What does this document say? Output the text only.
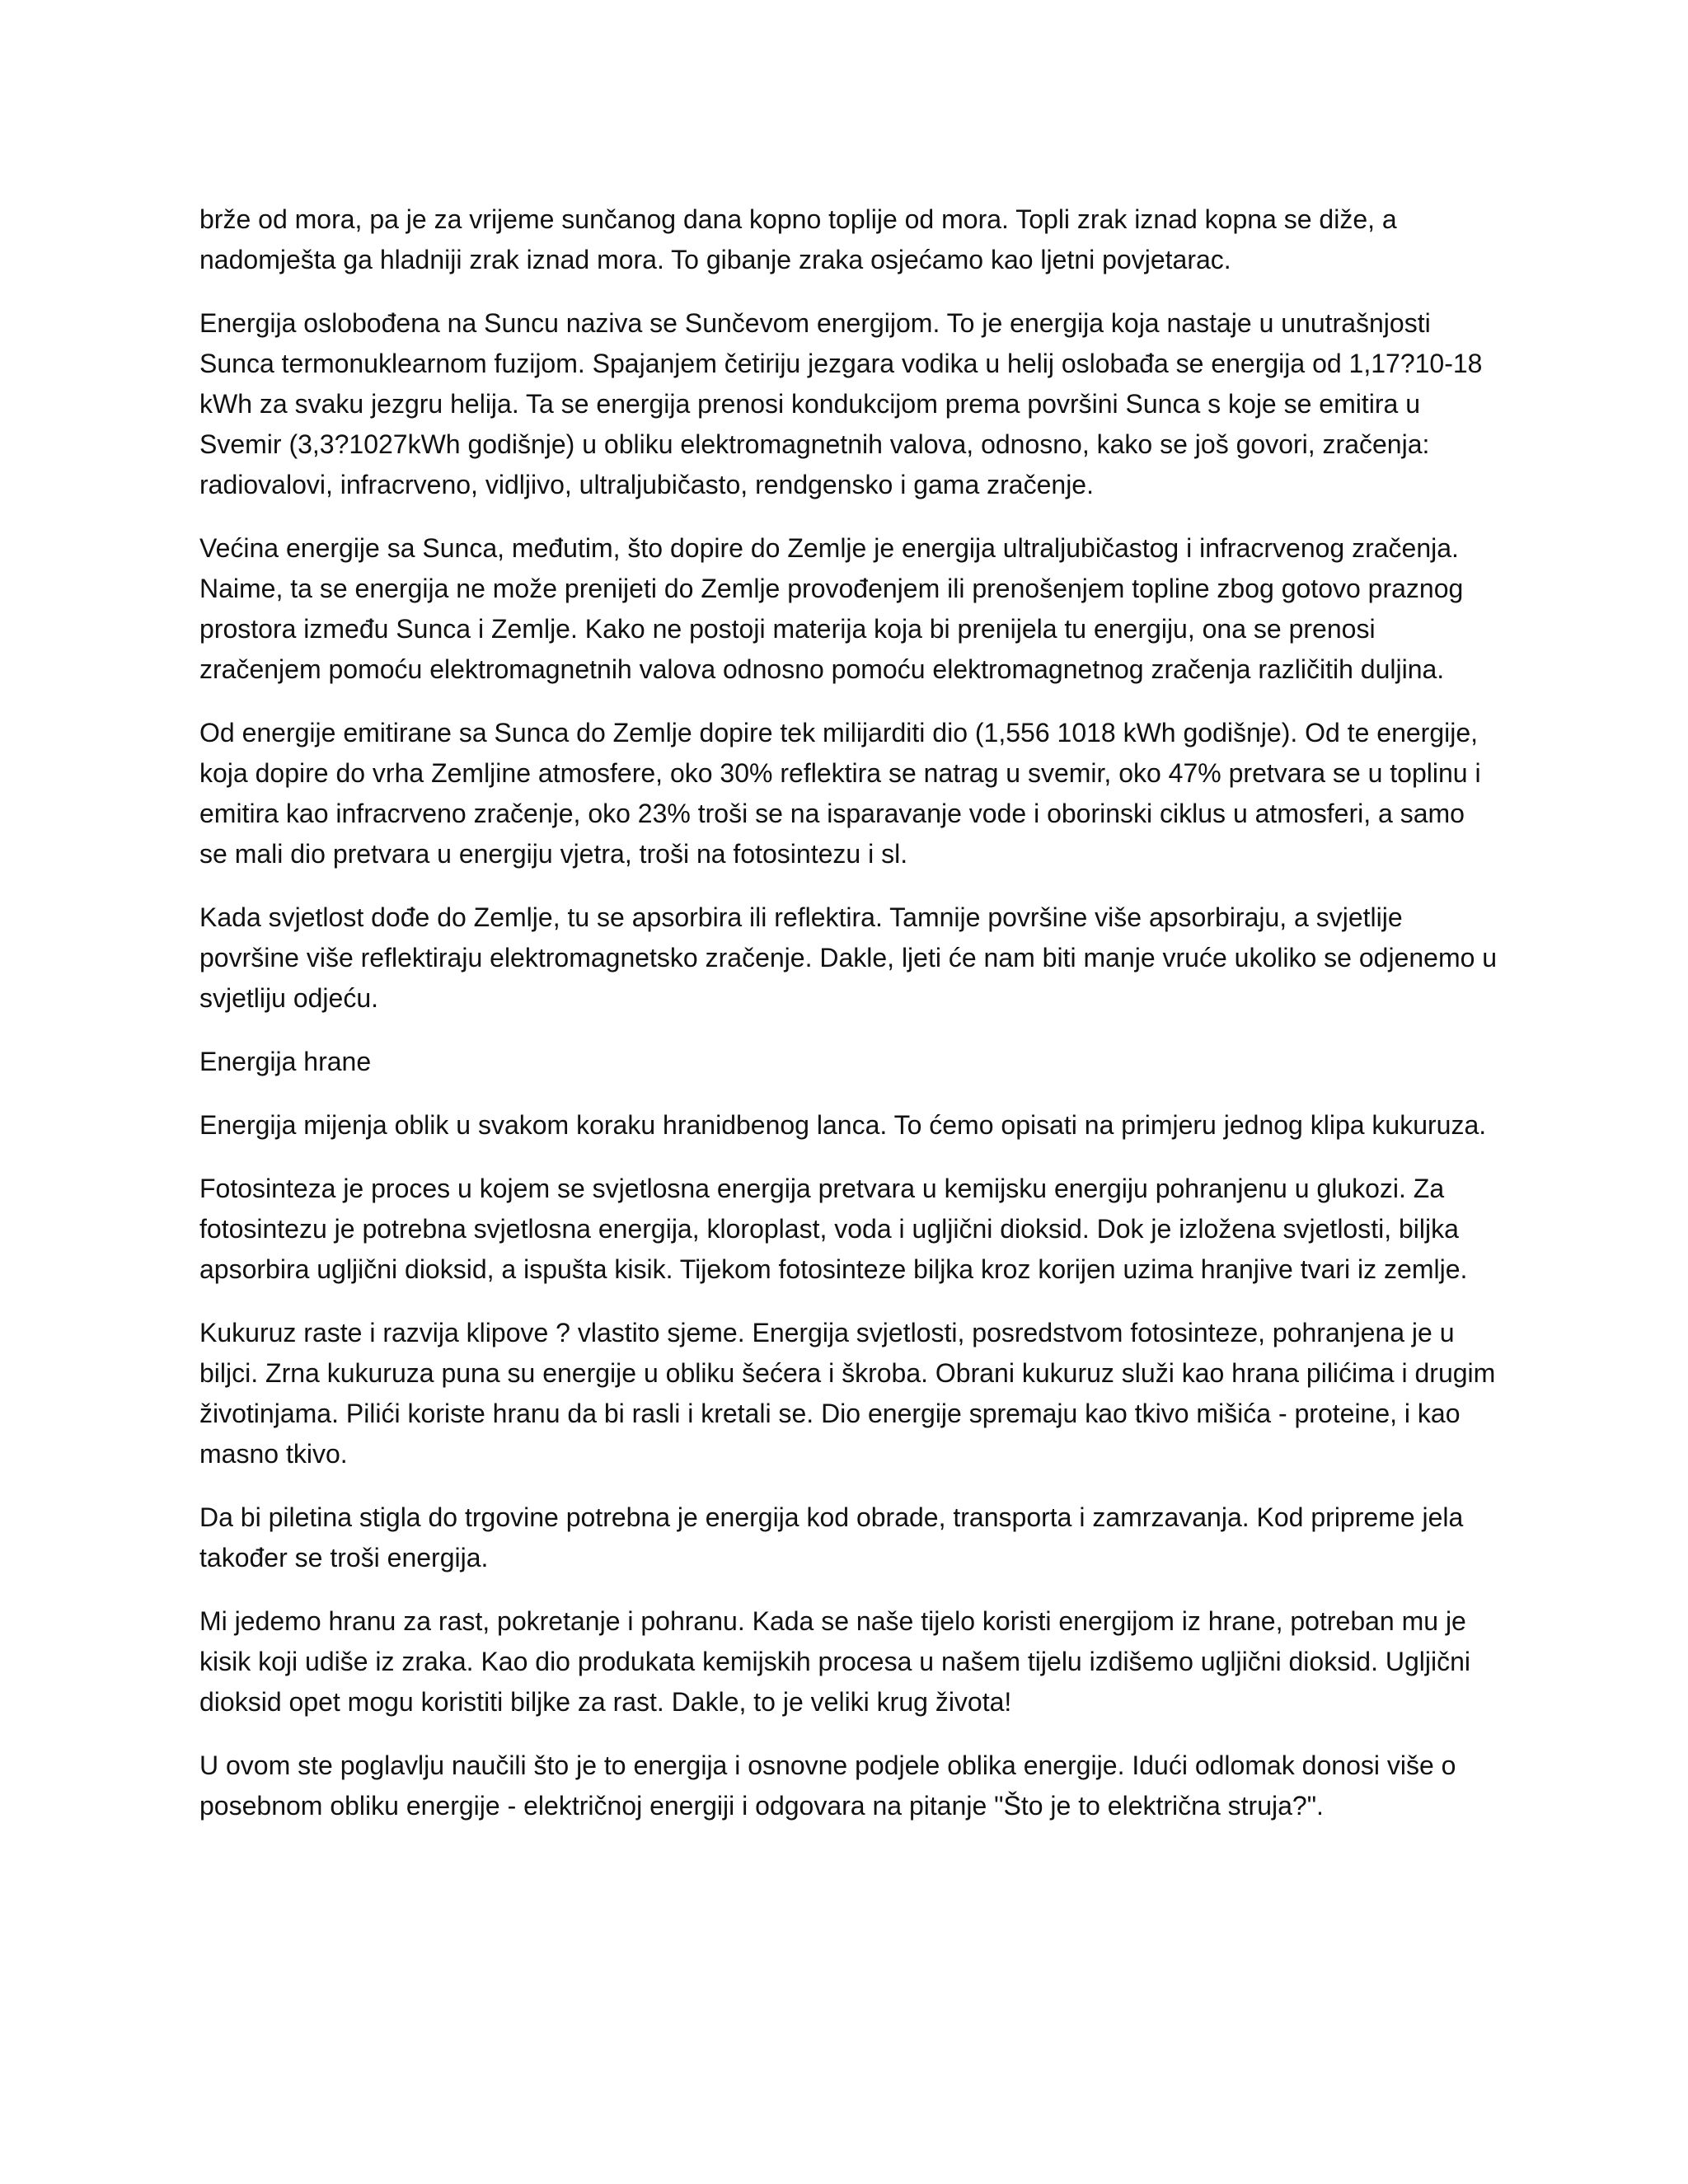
brže od mora, pa je za vrijeme sunčanog dana kopno toplije od mora. Topli zrak iznad kopna se diže, a nadomješta ga hladniji zrak iznad mora. To gibanje zraka osjećamo kao ljetni povjetarac.

Energija oslobođena na Suncu naziva se Sunčevom energijom. To je energija koja nastaje u unutrašnjosti Sunca termonuklearnom fuzijom. Spajanjem četiriju jezgara vodika u helij oslobađa se energija od 1,17?10-18 kWh za svaku jezgru helija. Ta se energija prenosi kondukcijom prema površini Sunca s koje se emitira u Svemir (3,3?1027kWh godišnje) u obliku elektromagnetnih valova, odnosno, kako se još govori, zračenja: radiovalovi, infracrveno, vidljivo, ultraljubičasto, rendgensko i gama zračenje.

Većina energije sa Sunca, međutim, što dopire do Zemlje je energija ultraljubičastog i infracrvenog zračenja. Naime, ta se energija ne može prenijeti do Zemlje provođenjem ili prenošenjem topline zbog gotovo praznog prostora između Sunca i Zemlje. Kako ne postoji materija koja bi prenijela tu energiju, ona se prenosi zračenjem pomoću elektromagnetnih valova odnosno pomoću elektromagnetnog zračenja različitih duljina.

Od energije emitirane sa Sunca do Zemlje dopire tek milijarditi dio (1,556 1018 kWh godišnje). Od te energije, koja dopire do vrha Zemljine atmosfere, oko 30% reflektira se natrag u svemir, oko 47% pretvara se u toplinu i emitira kao infracrveno zračenje, oko 23% troši se na isparavanje vode i oborinski ciklus u atmosferi, a samo se mali dio pretvara u energiju vjetra, troši na fotosintezu i sl.

Kada svjetlost dođe do Zemlje, tu se apsorbira ili reflektira. Tamnije površine više apsorbiraju, a svjetlije površine više reflektiraju elektromagnetsko zračenje. Dakle, ljeti će nam biti manje vruće ukoliko se odjenemo u svjetliju odjeću.

Energija hrane

Energija mijenja oblik u svakom koraku hranidbenog lanca. To ćemo opisati na primjeru jednog klipa kukuruza.

Fotosinteza je proces u kojem se svjetlosna energija pretvara u kemijsku energiju pohranjenu u glukozi. Za fotosintezu je potrebna svjetlosna energija, kloroplast, voda i ugljični dioksid. Dok je izložena svjetlosti, biljka apsorbira ugljični dioksid, a ispušta kisik. Tijekom fotosinteze biljka kroz korijen uzima hranjive tvari iz zemlje.

Kukuruz raste i razvija klipove ? vlastito sjeme. Energija svjetlosti, posredstvom fotosinteze, pohranjena je u biljci. Zrna kukuruza puna su energije u obliku šećera i škroba. Obrani kukuruz služi kao hrana pilićima i drugim životinjama. Pilići koriste hranu da bi rasli i kretali se. Dio energije spremaju kao tkivo mišića - proteine, i kao masno tkivo.

Da bi piletina stigla do trgovine potrebna je energija kod obrade, transporta i zamrzavanja. Kod pripreme jela također se troši energija.

Mi jedemo hranu za rast, pokretanje i pohranu. Kada se naše tijelo koristi energijom iz hrane, potreban mu je kisik koji udiše iz zraka. Kao dio produkata kemijskih procesa u našem tijelu izdišemo ugljični dioksid. Ugljični dioksid opet mogu koristiti biljke za rast. Dakle, to je veliki krug života!

U ovom ste poglavlju naučili što je to energija i osnovne podjele oblika energije. Idući odlomak donosi više o posebnom obliku energije - električnoj energiji i odgovara na pitanje "Što je to električna struja?".
